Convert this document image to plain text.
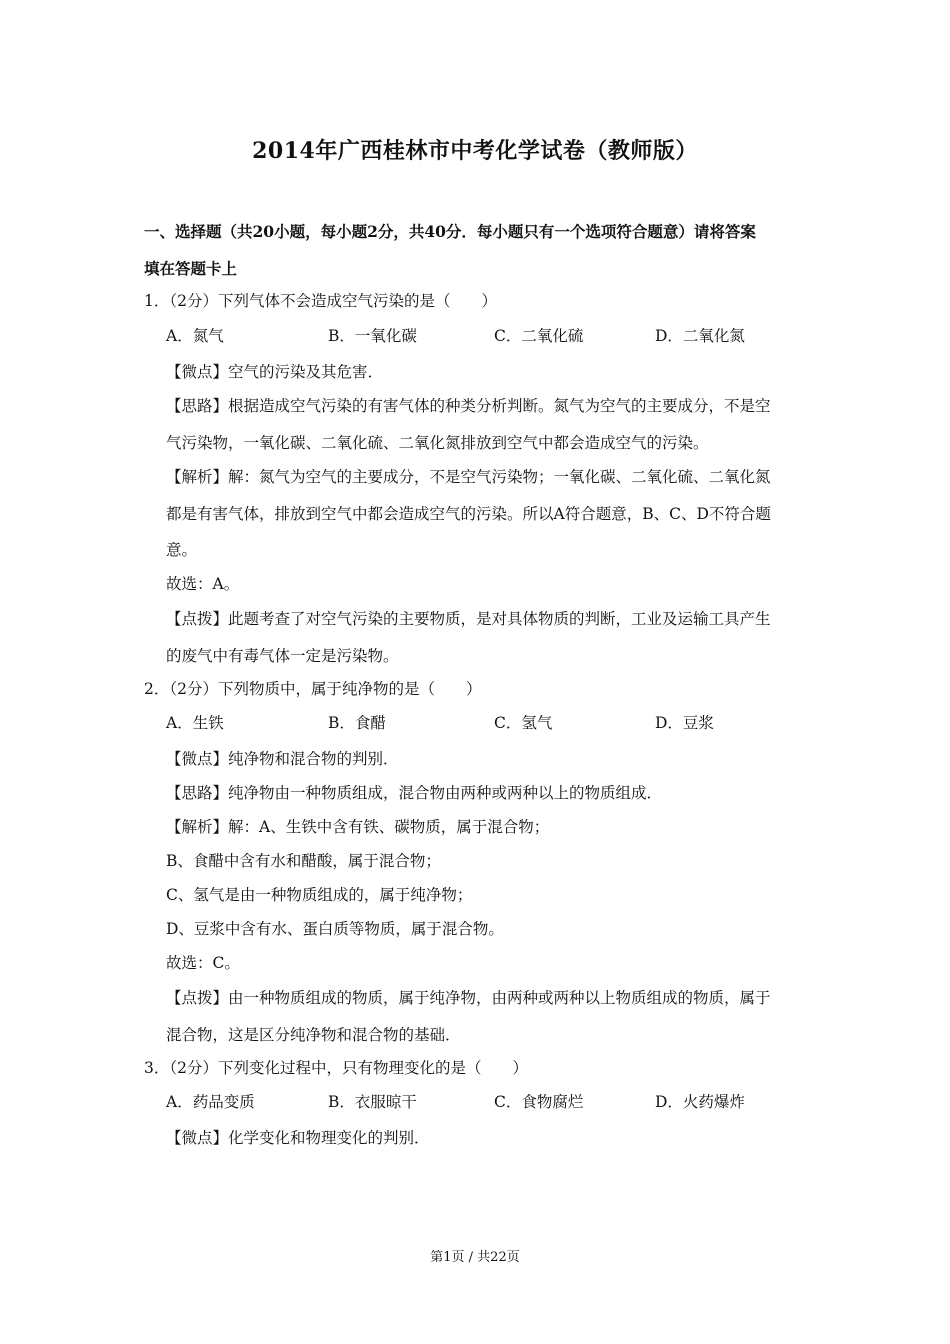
2014年广西桂林市中考化学试卷（教师版）
一、选择题（共20小题，每小题2分，共40分．每小题只有一个选项符合题意）请将答案
填在答题卡上
1．（2分）下列气体不会造成空气污染的是（　　）
A．氮气	B．一氧化碳	C．二氧化硫	D．二氧化氮
【微点】空气的污染及其危害．
【思路】根据造成空气污染的有害气体的种类分析判断。氮气为空气的主要成分，不是空
气污染物，一氧化碳、二氧化硫、二氧化氮排放到空气中都会造成空气的污染。
【解析】解：氮气为空气的主要成分，不是空气污染物；一氧化碳、二氧化硫、二氧化氮
都是有害气体，排放到空气中都会造成空气的污染。所以A符合题意，B、C、D不符合题
意。
故选：A。
【点拨】此题考查了对空气污染的主要物质，是对具体物质的判断，工业及运输工具产生
的废气中有毒气体一定是污染物。
2．（2分）下列物质中，属于纯净物的是（　　）
A．生铁	B．食醋	C．氢气	D．豆浆
【微点】纯净物和混合物的判别．
【思路】纯净物由一种物质组成，混合物由两种或两种以上的物质组成．
【解析】解：A、生铁中含有铁、碳物质，属于混合物；
B、食醋中含有水和醋酸，属于混合物；
C、氢气是由一种物质组成的，属于纯净物；
D、豆浆中含有水、蛋白质等物质，属于混合物。
故选：C。
【点拨】由一种物质组成的物质，属于纯净物，由两种或两种以上物质组成的物质，属于
混合物，这是区分纯净物和混合物的基础．
3．（2分）下列变化过程中，只有物理变化的是（　　）
A．药品变质	B．衣服晾干	C．食物腐烂	D．火药爆炸
【微点】化学变化和物理变化的判别．
第1页 / 共22页
